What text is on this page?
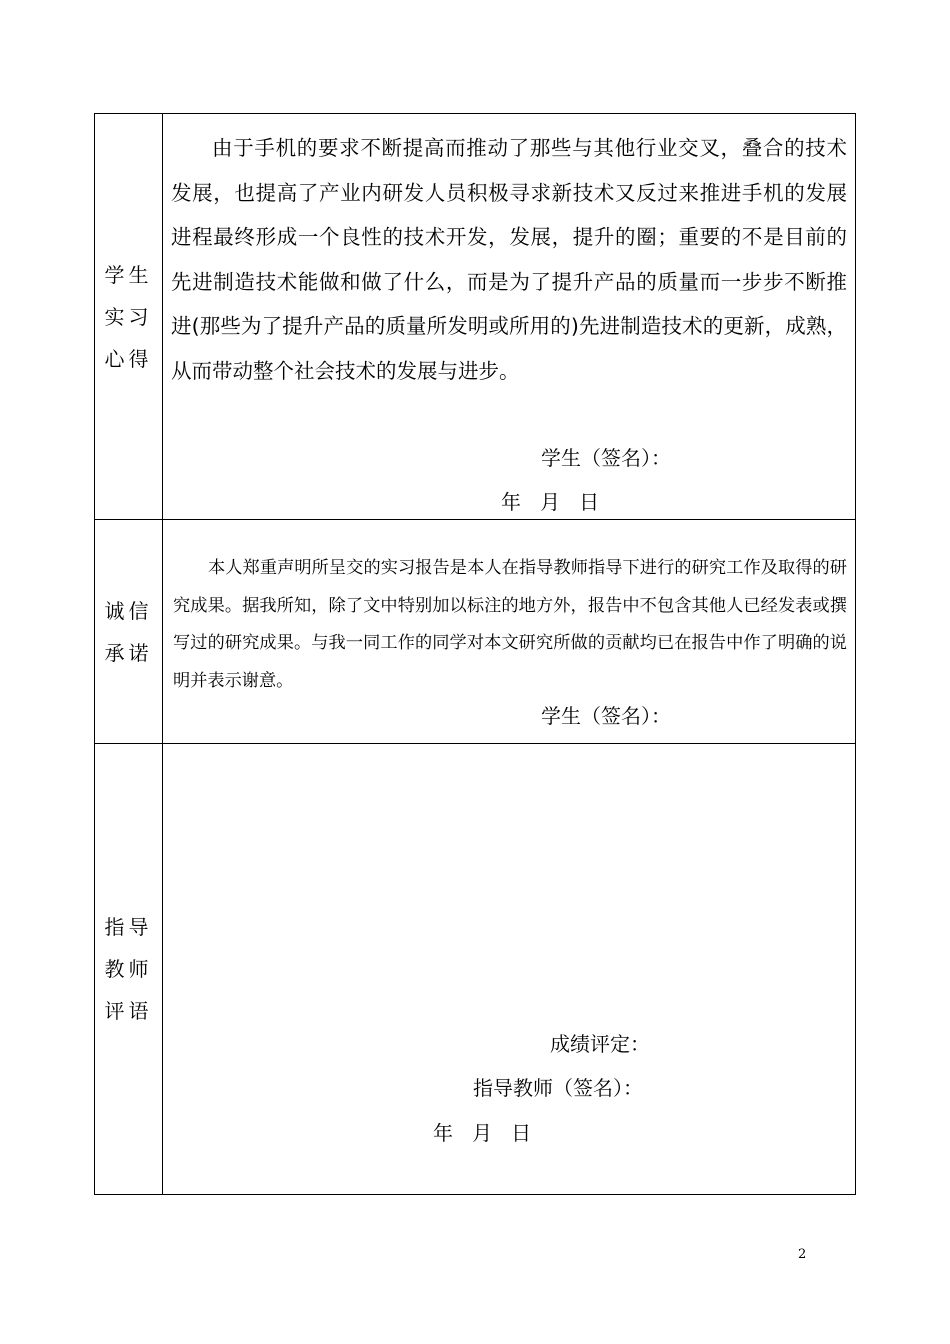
学生
实习
心得	由于手机的要求不断提高而推动了那些与其他行业交叉，叠合的技术发展，也提高了产业内研发人员积极寻求新技术又反过来推进手机的发展进程最终形成一个良性的技术开发，发展，提升的圈；重要的不是目前的先进制造技术能做和做了什么，而是为了提升产品的质量而一步步不断推进(那些为了提升产品的质量所发明或所用的)先进制造技术的更新，成熟，从而带动整个社会技术的发展与进步。

学生（签名）：
年   月   日

诚信
承诺	本人郑重声明所呈交的实习报告是本人在指导教师指导下进行的研究工作及取得的研究成果。据我所知，除了文中特别加以标注的地方外，报告中不包含其他人已经发表或撰写过的研究成果。与我一同工作的同学对本文研究所做的贡献均已在报告中作了明确的说明并表示谢意。

学生（签名）：

指导
教师
评语	成绩评定：
指导教师（签名）：
年   月   日
2
